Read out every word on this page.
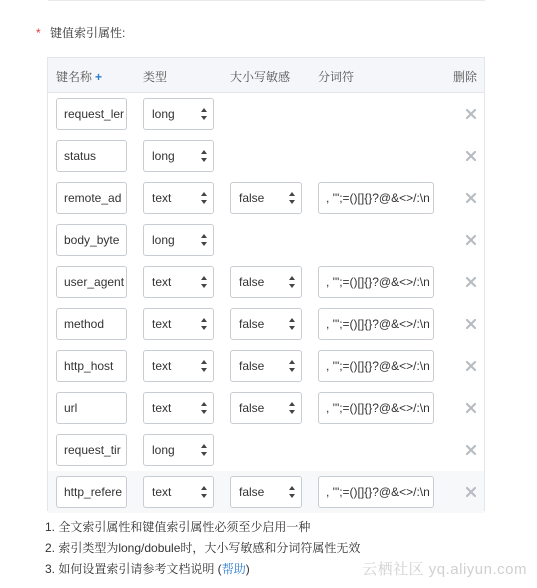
* 键值索引属性:
键名称 +	类型	大小写敏感 分词符	删除
request_ler	long
status	long
remote_ad	text	false	, '";=()[]{}?@&<>/:\n
body_byte	long
user_agent	text	false	, '";=()[]{}?@&<>/:\n
method	text	false	, '";=()[]{}?@&<>/:\n
http_host	text	false	, '";=()[]{}?@&<>/:\n
url	text	false	, '";=()[]{}?@&<>/:\n
request_tir	long
http_refere	text	false	, '";=()[]{}?@&<>/:\n
1. 全文索引属性和键值索引属性必须至少启用一种
2. 索引类型为long/dobule时，大小写敏感和分词符属性无效
3. 如何设置索引请参考文档说明 (帮助)	云栖社区 yq.aliyun.com
